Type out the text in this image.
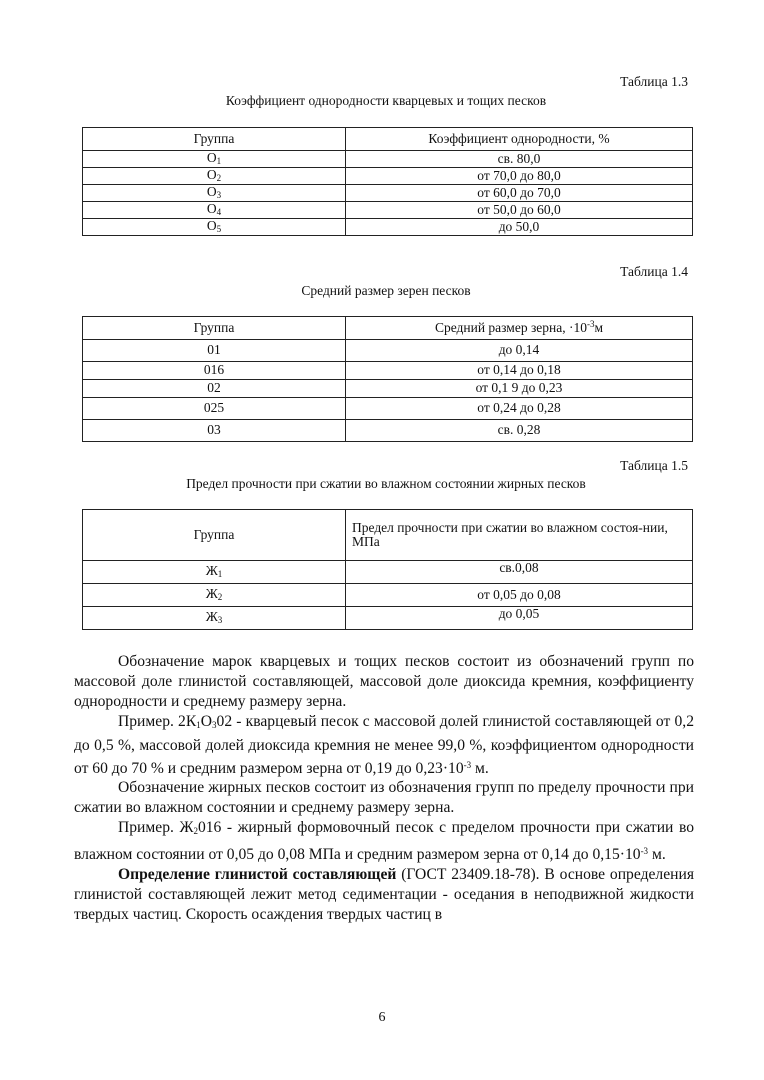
Таблица 1.3
Коэффициент однородности кварцевых и тощих песков
Группа	Коэффициент однородности, %
$О_1$	св. 80,0
$О_2$	от 70,0 до 80,0
$О_3$	от 60,0 до 70,0
$О_4$	от 50,0 до 60,0
$О_5$	до 50,0
Таблица 1.4
Средний размер зерен песков
Группа	Средний размер зерна, $\cdot 10^{-3}м$
01	до 0,14
016	от 0,14 до 0,18
02	от 0,1 9 до 0,23
025	от 0,24 до 0,28
03	св. 0,28
Таблица 1.5
Предел прочности при сжатии во влажном состоянии жирных песков
Группа	Предел прочности при сжатии во влажном состоя-нии, МПа
$Ж_1$	св.0,08
$Ж_2$	от 0,05 до 0,08
$Ж_3$	до 0,05

Обозначение марок кварцевых и тощих песков состоит из обозначений групп по массовой доле глинистой составляющей, массовой доле диоксида кремния, коэффициенту однородности и среднему размеру зерна.

Пример. $2К_1О_302$ - кварцевый песок с массовой долей глинистой составляющей от 0,2 до 0,5 %, массовой долей диоксида кремния не менее 99,0 %, коэффициентом однородности от 60 до 70 % и средним размером зерна от 0,19 до $0,23\cdot 10^{-3}$ м.

Обозначение жирных песков состоит из обозначения групп по пределу прочности при сжатии во влажном состоянии и среднему размеру зерна.

Пример. $Ж_2016$ - жирный формовочный песок с пределом прочности при сжатии во влажном состоянии от 0,05 до 0,08 МПа и средним размером зерна от 0,14 до $0,15\cdot 10^{-3}$ м.

Определение глинистой составляющей (ГОСТ 23409.18-78). В основе определения глинистой составляющей лежит метод седиментации - оседания в неподвижной жидкости твердых частиц. Скорость осаждения твердых частиц в

6
